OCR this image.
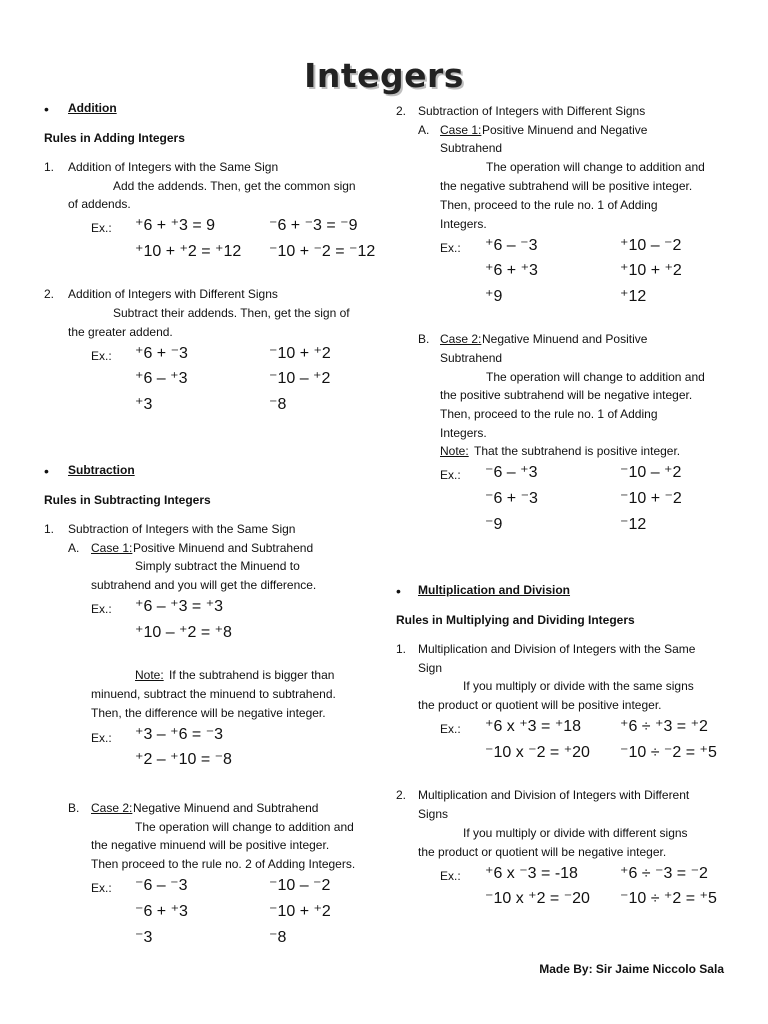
Integers
• Addition
Rules in Adding Integers
1. Addition of Integers with the Same Sign
Add the addends. Then, get the common sign
of addends.
Ex.: ⁺6 + ⁺3 = 9	⁻6 + ⁻3 = ⁻9
⁺10 + ⁺2 = ⁺12 ⁻10 + ⁻2 = ⁻12
2. Addition of Integers with Different Signs
Subtract their addends. Then, get the sign of
the greater addend.
Ex.: ⁺6 + ⁻3	⁻10 + ⁺2
⁺6 – ⁺3	⁻10 – ⁺2
⁺3	⁻8
• Subtraction
Rules in Subtracting Integers
1. Subtraction of Integers with the Same Sign
A. Case 1: Positive Minuend and Subtrahend
Simply subtract the Minuend to
subtrahend and you will get the difference.
Ex.: ⁺6 – ⁺3 = ⁺3
⁺10 – ⁺2 = ⁺8
Note: If the subtrahend is bigger than
minuend, subtract the minuend to subtrahend.
Then, the difference will be negative integer.
Ex.: ⁺3 – ⁺6 = ⁻3
⁺2 – ⁺10 = ⁻8
B. Case 2: Negative Minuend and Subtrahend
The operation will change to addition and
the negative minuend will be positive integer.
Then proceed to the rule no. 2 of Adding Integers.
Ex.: ⁻6 – ⁻3	⁻10 – ⁻2
⁻6 + ⁺3	⁻10 + ⁺2
⁻3	⁻8
2. Subtraction of Integers with Different Signs
A. Case 1: Positive Minuend and Negative
Subtrahend
The operation will change to addition and
the negative subtrahend will be positive integer.
Then, proceed to the rule no. 1 of Adding
Integers.
Ex.: ⁺6 – ⁻3	⁺10 – ⁻2
⁺6 + ⁺3	⁺10 + ⁺2
⁺9	⁺12
B. Case 2: Negative Minuend and Positive
Subtrahend
The operation will change to addition and
the positive subtrahend will be negative integer.
Then, proceed to the rule no. 1 of Adding
Integers.
Note: That the subtrahend is positive integer.
Ex.: ⁻6 – ⁺3	⁻10 – ⁺2
⁻6 + ⁻3	⁻10 + ⁻2
⁻9	⁻12
• Multiplication and Division
Rules in Multiplying and Dividing Integers
1. Multiplication and Division of Integers with the Same
Sign
If you multiply or divide with the same signs
the product or quotient will be positive integer.
Ex.: ⁺6 x ⁺3 = ⁺18 ⁺6 ÷ ⁺3 = ⁺2
⁻10 x ⁻2 = ⁺20 ⁻10 ÷ ⁻2 = ⁺5
2. Multiplication and Division of Integers with Different
Signs
If you multiply or divide with different signs
the product or quotient will be negative integer.
Ex.: ⁺6 x ⁻3 = -18	⁺6 ÷ ⁻3 = ⁻2
⁻10 x ⁺2 = ⁻20 ⁻10 ÷ ⁺2 = ⁺5
Made By: Sir Jaime Niccolo Sala
